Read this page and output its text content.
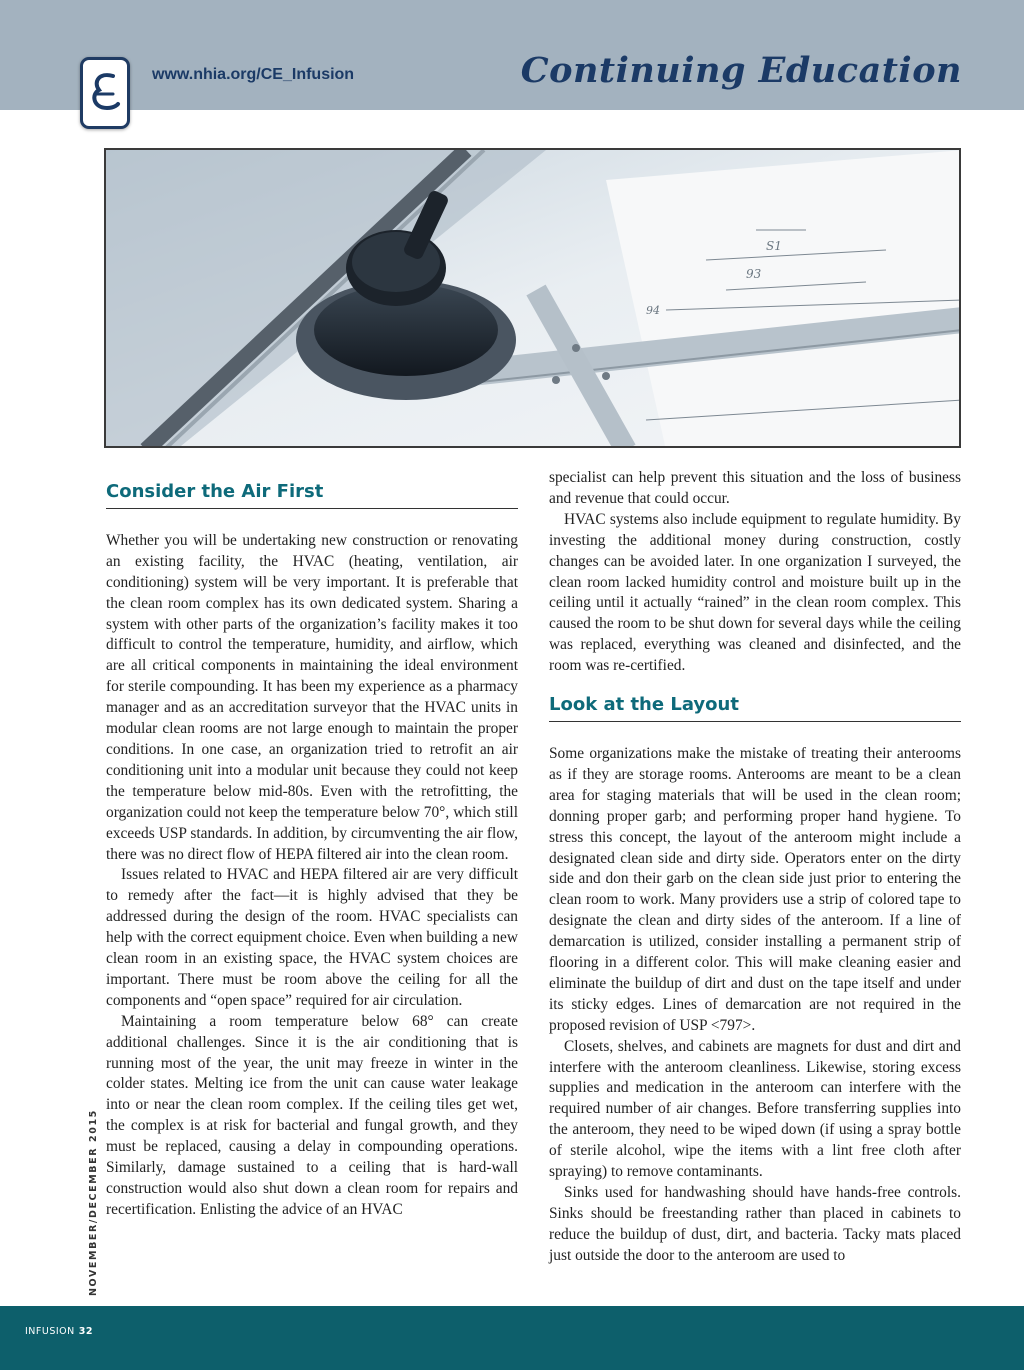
www.nhia.org/CE_Infusion	Continuing Education
S1
93
94
Consider the Air First

Whether you will be undertaking new construction or renovating an existing facility, the HVAC (heating, ventilation, air conditioning) system will be very important. It is preferable that the clean room complex has its own dedicated system. Sharing a system with other parts of the organization’s facility makes it too difficult to control the temperature, humidity, and airflow, which are all critical components in maintaining the ideal environment for sterile compounding. It has been my experience as a pharmacy manager and as an accreditation surveyor that the HVAC units in modular clean rooms are not large enough to maintain the proper conditions. In one case, an organization tried to retrofit an air conditioning unit into a modular unit because they could not keep the temperature below mid-80s. Even with the retrofitting, the organization could not keep the temperature below 70°, which still exceeds USP standards. In addition, by circumventing the air flow, there was no direct flow of HEPA filtered air into the clean room.

Issues related to HVAC and HEPA filtered air are very difficult to remedy after the fact—it is highly advised that they be addressed during the design of the room. HVAC specialists can help with the correct equipment choice. Even when building a new clean room in an existing space, the HVAC system choices are important. There must be room above the ceiling for all the components and “open space” required for air circulation.

Maintaining a room temperature below 68° can create additional challenges. Since it is the air conditioning that is running most of the year, the unit may freeze in winter in the colder states. Melting ice from the unit can cause water leakage into or near the clean room complex. If the ceiling tiles get wet, the complex is at risk for bacterial and fungal growth, and they must be replaced, causing a delay in compounding operations. Similarly, damage sustained to a ceiling that is hard-wall construction would also shut down a clean room for repairs and recertification. Enlisting the advice of an HVAC

specialist can help prevent this situation and the loss of business and revenue that could occur.

HVAC systems also include equipment to regulate humidity. By investing the additional money during construction, costly changes can be avoided later. In one organization I surveyed, the clean room lacked humidity control and moisture built up in the ceiling until it actually “rained” in the clean room complex. This caused the room to be shut down for several days while the ceiling was replaced, everything was cleaned and disinfected, and the room was re-certified.

Look at the Layout

Some organizations make the mistake of treating their anterooms as if they are storage rooms. Anterooms are meant to be a clean area for staging materials that will be used in the clean room; donning proper garb; and performing proper hand hygiene. To stress this concept, the layout of the anteroom might include a designated clean side and dirty side. Operators enter on the dirty side and don their garb on the clean side just prior to entering the clean room to work. Many providers use a strip of colored tape to designate the clean and dirty sides of the anteroom. If a line of demarcation is utilized, consider installing a permanent strip of flooring in a different color. This will make cleaning easier and eliminate the buildup of dirt and dust on the tape itself and under its sticky edges. Lines of demarcation are not required in the proposed revision of USP <797>.

Closets, shelves, and cabinets are magnets for dust and dirt and interfere with the anteroom cleanliness. Likewise, storing excess supplies and medication in the anteroom can interfere with the required number of air changes. Before transferring supplies into the anteroom, they need to be wiped down (if using a spray bottle of sterile alcohol, wipe the items with a lint free cloth after spraying) to remove contaminants.

Sinks used for handwashing should have hands-free controls. Sinks should be freestanding rather than placed in cabinets to reduce the buildup of dust, dirt, and bacteria. Tacky mats placed just outside the door to the anteroom are used to

NOVEMBER/DECEMBER 2015
INFUSION 32
